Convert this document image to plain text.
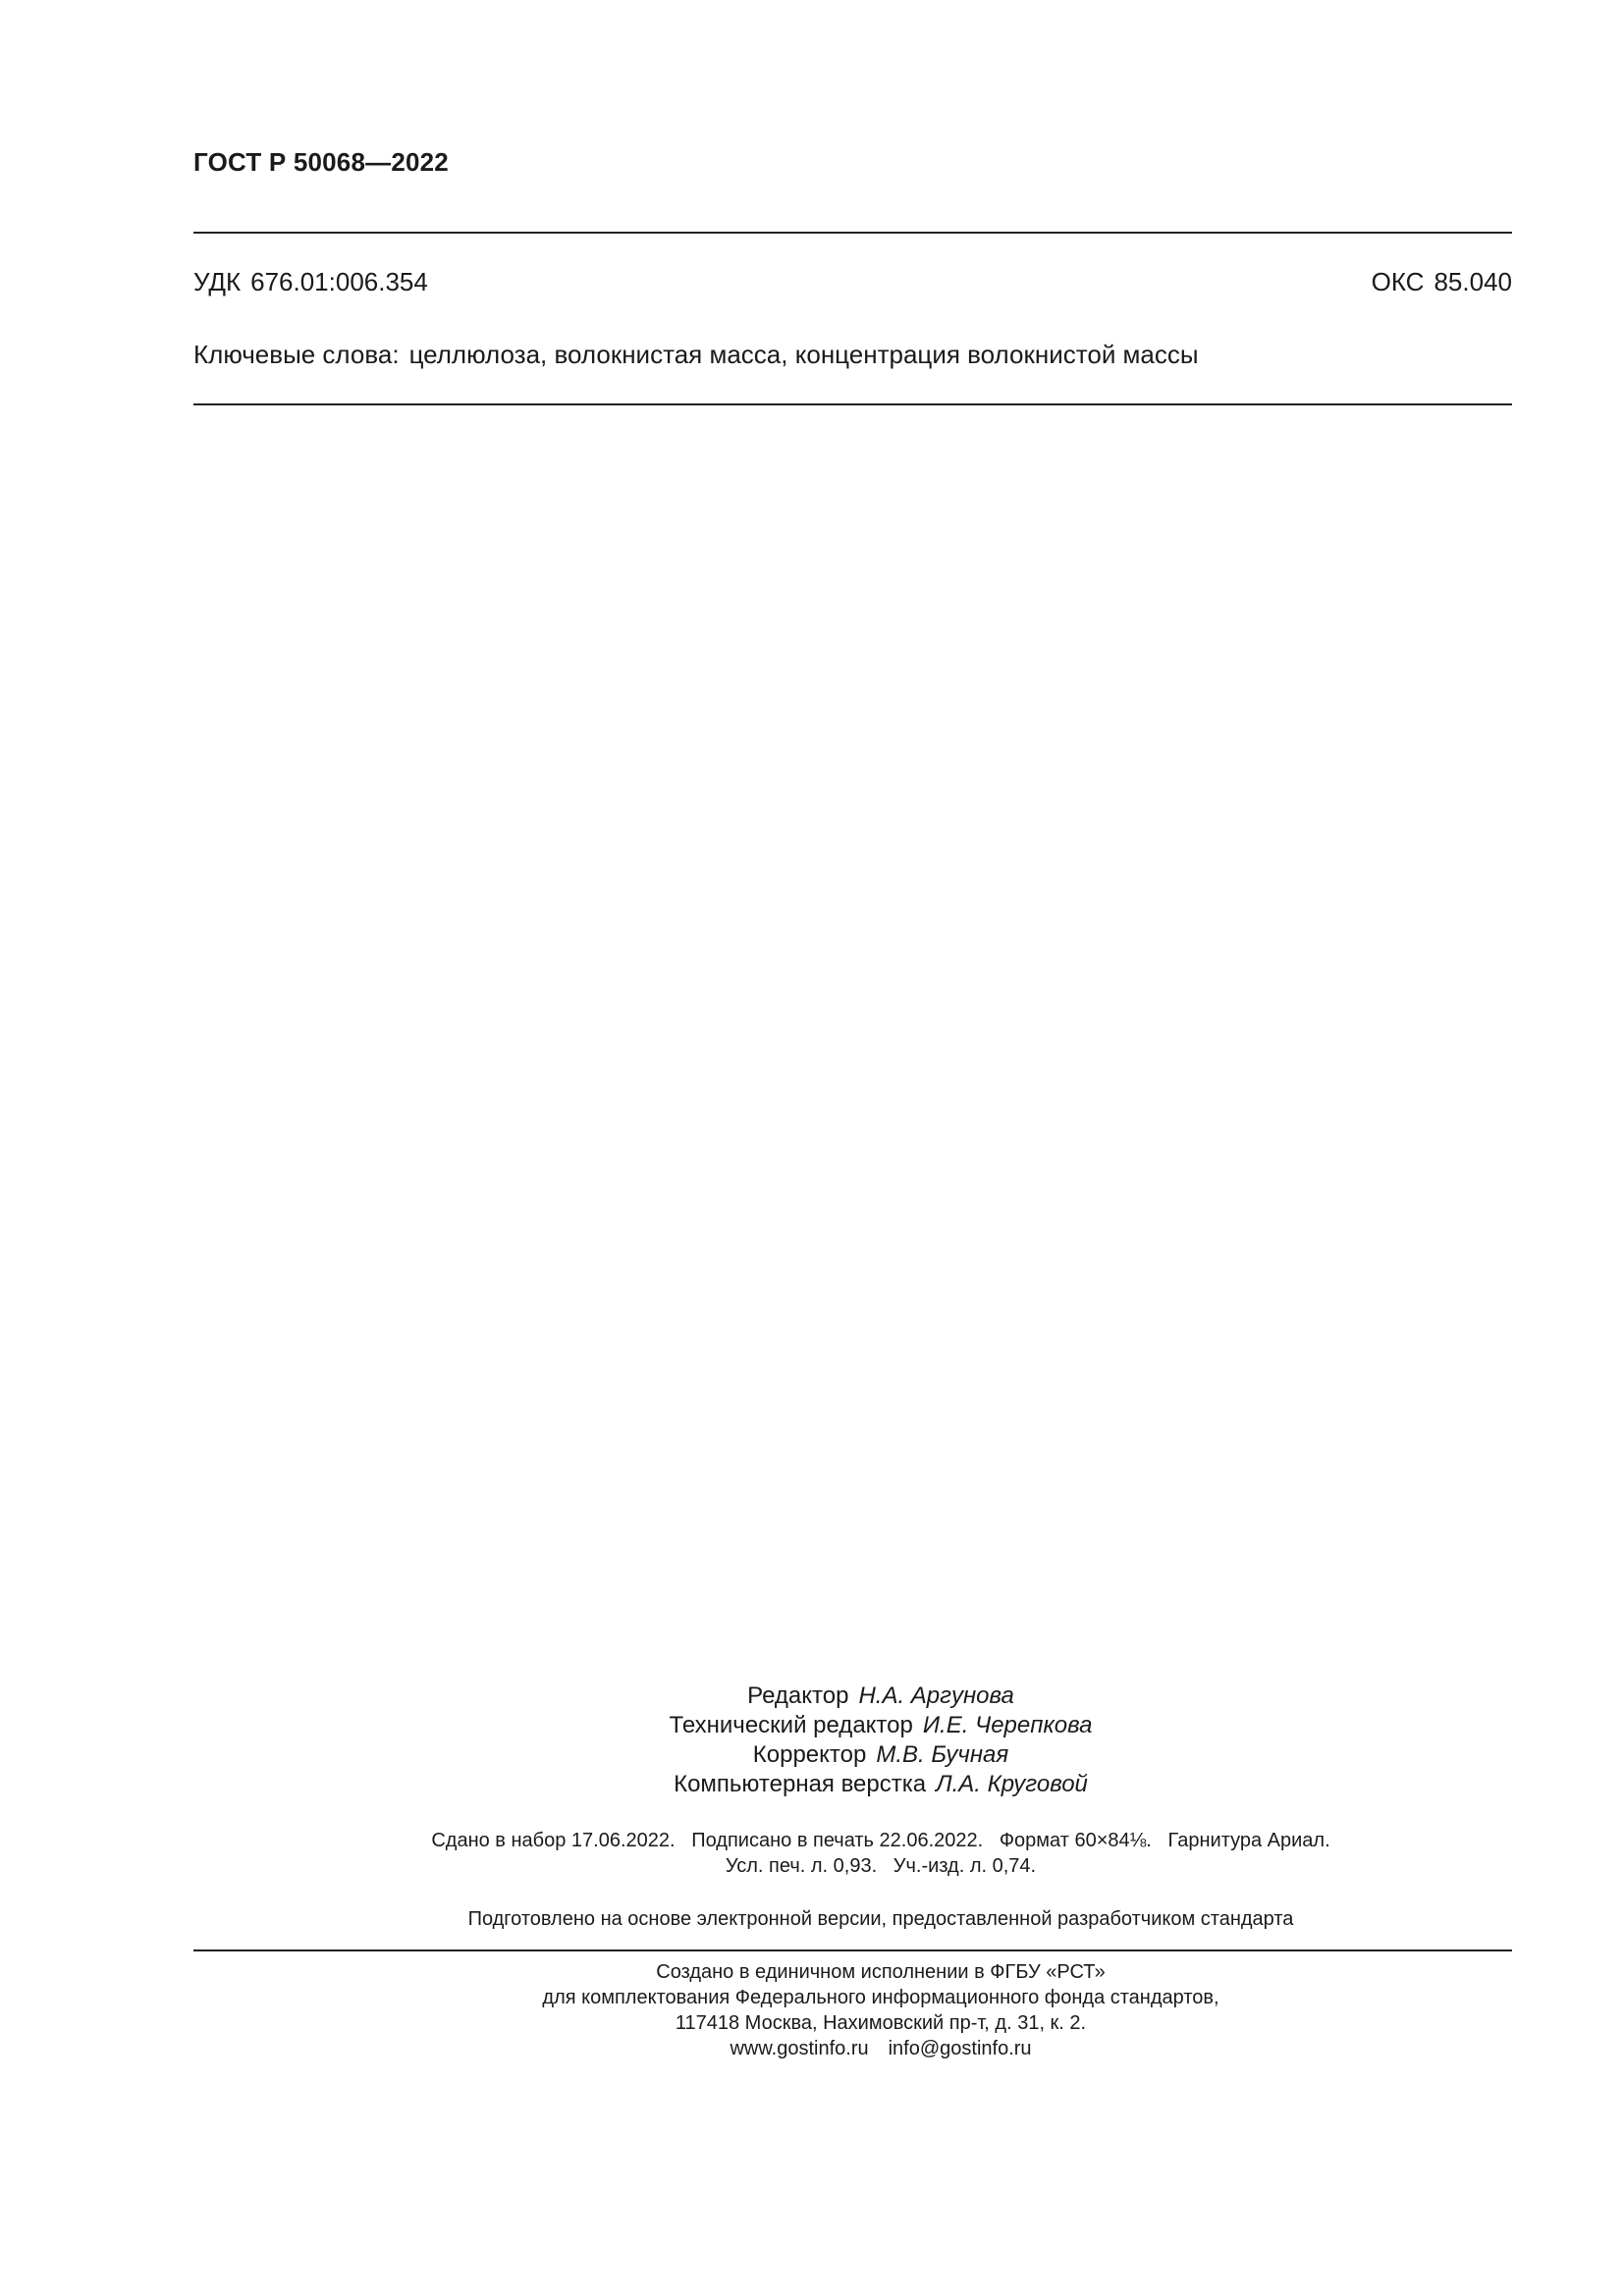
ГОСТ Р 50068—2022
УДК 676.01:006.354	ОКС 85.040
Ключевые слова: целлюлоза, волокнистая масса, концентрация волокнистой массы
Редактор Н.А. Аргунова
Технический редактор И.Е. Черепкова
Корректор М.В. Бучная
Компьютерная верстка Л.А. Круговой
Сдано в набор 17.06.2022.   Подписано в печать 22.06.2022.   Формат 60×84⅛.   Гарнитура Ариал.
Усл. печ. л. 0,93.   Уч.-изд. л. 0,74.
Подготовлено на основе электронной версии, предоставленной разработчиком стандарта
Создано в единичном исполнении в ФГБУ «РСТ»
для комплектования Федерального информационного фонда стандартов,
117418 Москва, Нахимовский пр-т, д. 31, к. 2.
www.gostinfo.ru info@gostinfo.ru
